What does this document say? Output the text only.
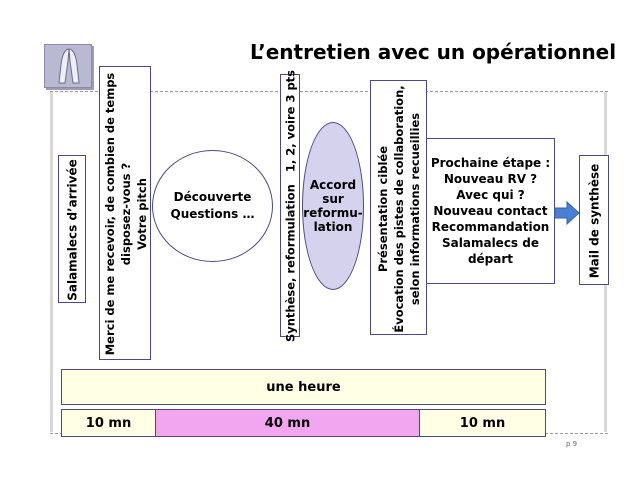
L’entretien avec un opérationnel
Salamalecs d’arrivée Merci de me recevoir, de combien de temps disposez-vous ? Votre pitch Découverte
Questions …	Synthèse, reformulation   1, 2, voire 3 pts Accord
sur
reformu-
lation Présentation ciblée Évocation des pistes de collaboration, selon informations recueillies Prochaine étape :
Nouveau RV ?
Avec qui ?
Nouveau contact
Recommandation
Salamalecs de
départ	Mail de synthèse
une heure
10 mn	40 mn	10 mn
p 9
